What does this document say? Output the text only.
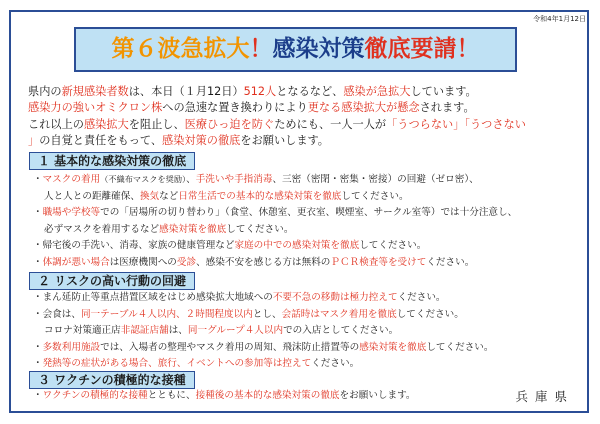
令和4年1月12日
第６波急拡大！感染対策徹底要請！
県内の新規感染者数は、本日（１月12日）512人となるなど、感染が急拡大しています。
感染力の強いオミクロン株への急速な置き換わりにより更なる感染拡大が懸念されます。
これ以上の感染拡大を阻止し、医療ひっ迫を防ぐためにも、一人一人が「うつらない」「うつさない
」の自覚と責任をもって、感染対策の徹底をお願いします。
１ 基本的な感染対策の徹底
・マスクの着用（不織布マスクを奨励）、手洗いや手指消毒、三密（密閉・密集・密接）の回避（ゼロ密）、
人と人との距離確保、換気など日常生活での基本的な感染対策を徹底してください。
・職場や学校等での「居場所の切り替わり」（食堂、休憩室、更衣室、喫煙室、サークル室等）では十分注意し、
必ずマスクを着用するなど感染対策を徹底してください。
・帰宅後の手洗い、消毒、家族の健康管理など家庭の中での感染対策を徹底してください。
・体調が悪い場合は医療機関への受診、感染不安を感じる方は無料のＰＣＲ検査等を受けてください。
２ リスクの高い行動の回避
・まん延防止等重点措置区域をはじめ感染拡大地域への不要不急の移動は極力控えてください。
・会食は、同一テーブル４人以内、２時間程度以内とし、会話時はマスク着用を徹底してください。
コロナ対策適正店非認証店舗は、同一グループ４人以内での入店としてください。
・多数利用施設では、入場者の整理やマスク着用の周知、飛沫防止措置等の感染対策を徹底してください。
・発熱等の症状がある場合、旅行、イベントへの参加等は控えてください。
３ ワクチンの積極的な接種
・ワクチンの積極的な接種とともに、接種後の基本的な感染対策の徹底をお願いします。	兵庫県
